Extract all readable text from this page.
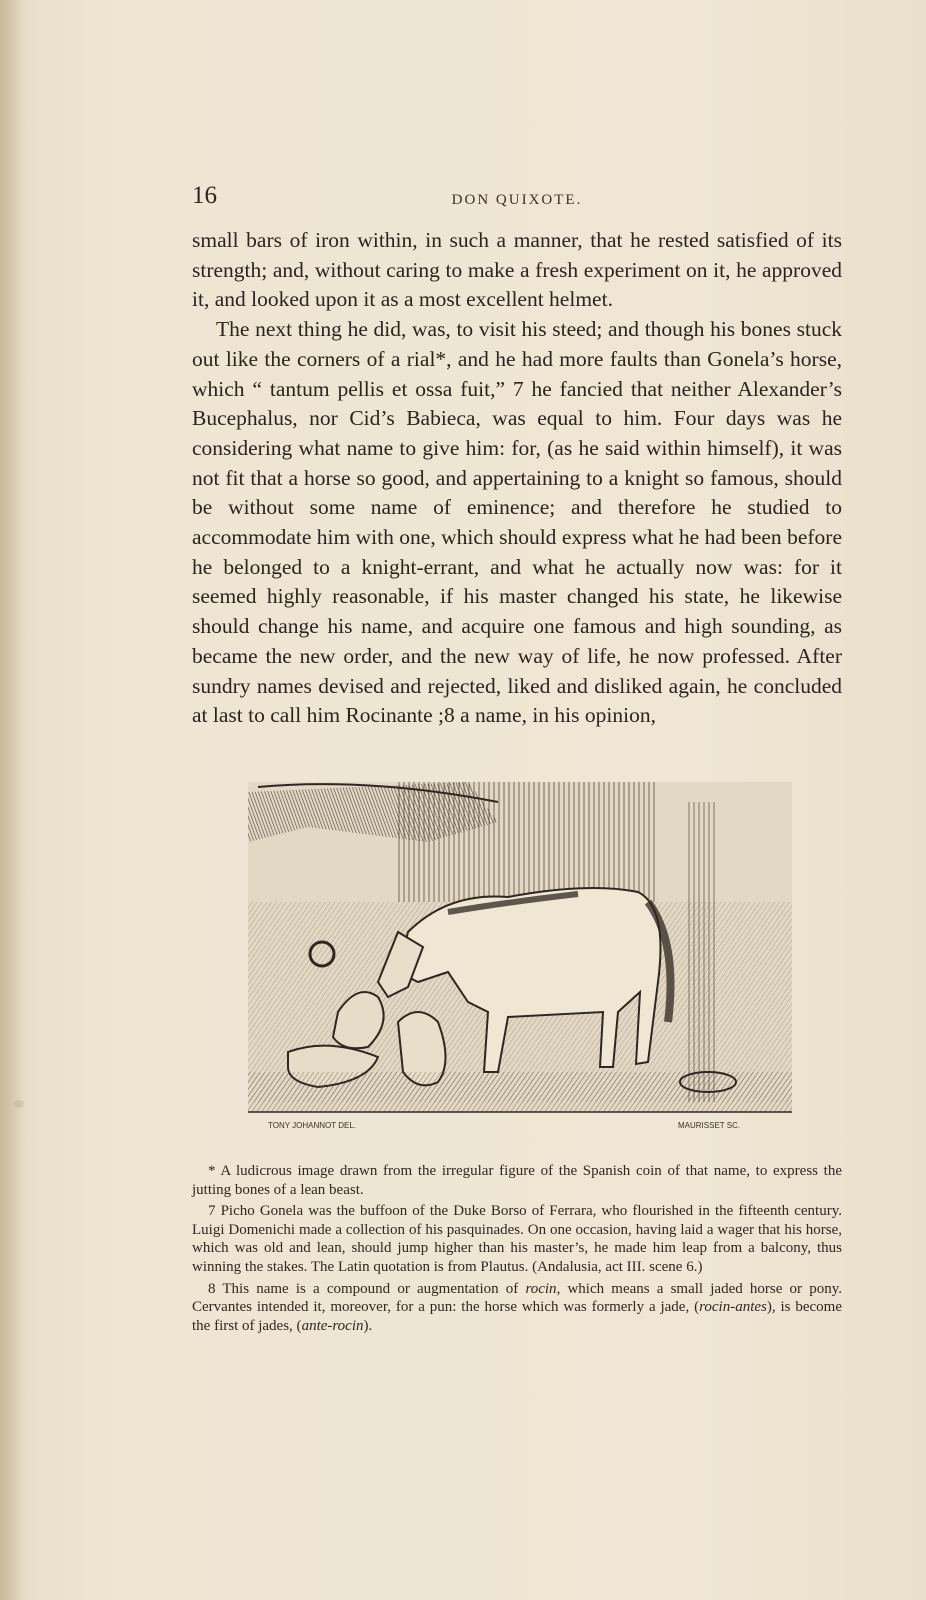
16	DON QUIXOTE.

small bars of iron within, in such a manner, that he rested satisfied of its strength; and, without caring to make a fresh experiment on it, he approved it, and looked upon it as a most excellent helmet.

The next thing he did, was, to visit his steed; and though his bones stuck out like the corners of a rial*, and he had more faults than Gonela’s horse, which “ tantum pellis et ossa fuit,” 7 he fancied that neither Alexander’s Bucephalus, nor Cid’s Babieca, was equal to him. Four days was he considering what name to give him: for, (as he said within himself), it was not fit that a horse so good, and appertaining to a knight so famous, should be without some name of eminence; and therefore he studied to accommodate him with one, which should express what he had been before he belonged to a knight-errant, and what he actually now was: for it seemed highly reasonable, if his master changed his state, he likewise should change his name, and acquire one famous and high sounding, as became the new order, and the new way of life, he now professed. After sundry names devised and rejected, liked and disliked again, he concluded at last to call him Rocinante ;8 a name, in his opinion,

TONY JOHANNOT DEL.	MAURISSET SC.

* A ludicrous image drawn from the irregular figure of the Spanish coin of that name, to express the jutting bones of a lean beast.

7 Picho Gonela was the buffoon of the Duke Borso of Ferrara, who flourished in the fifteenth century. Luigi Domenichi made a collection of his pasquinades. On one occasion, having laid a wager that his horse, which was old and lean, should jump higher than his master’s, he made him leap from a balcony, thus winning the stakes. The Latin quotation is from Plautus. (Andalusia, act III. scene 6.)

8 This name is a compound or augmentation of rocin, which means a small jaded horse or pony. Cervantes intended it, moreover, for a pun: the horse which was formerly a jade, (rocin-antes), is become the first of jades, (ante-rocin).
